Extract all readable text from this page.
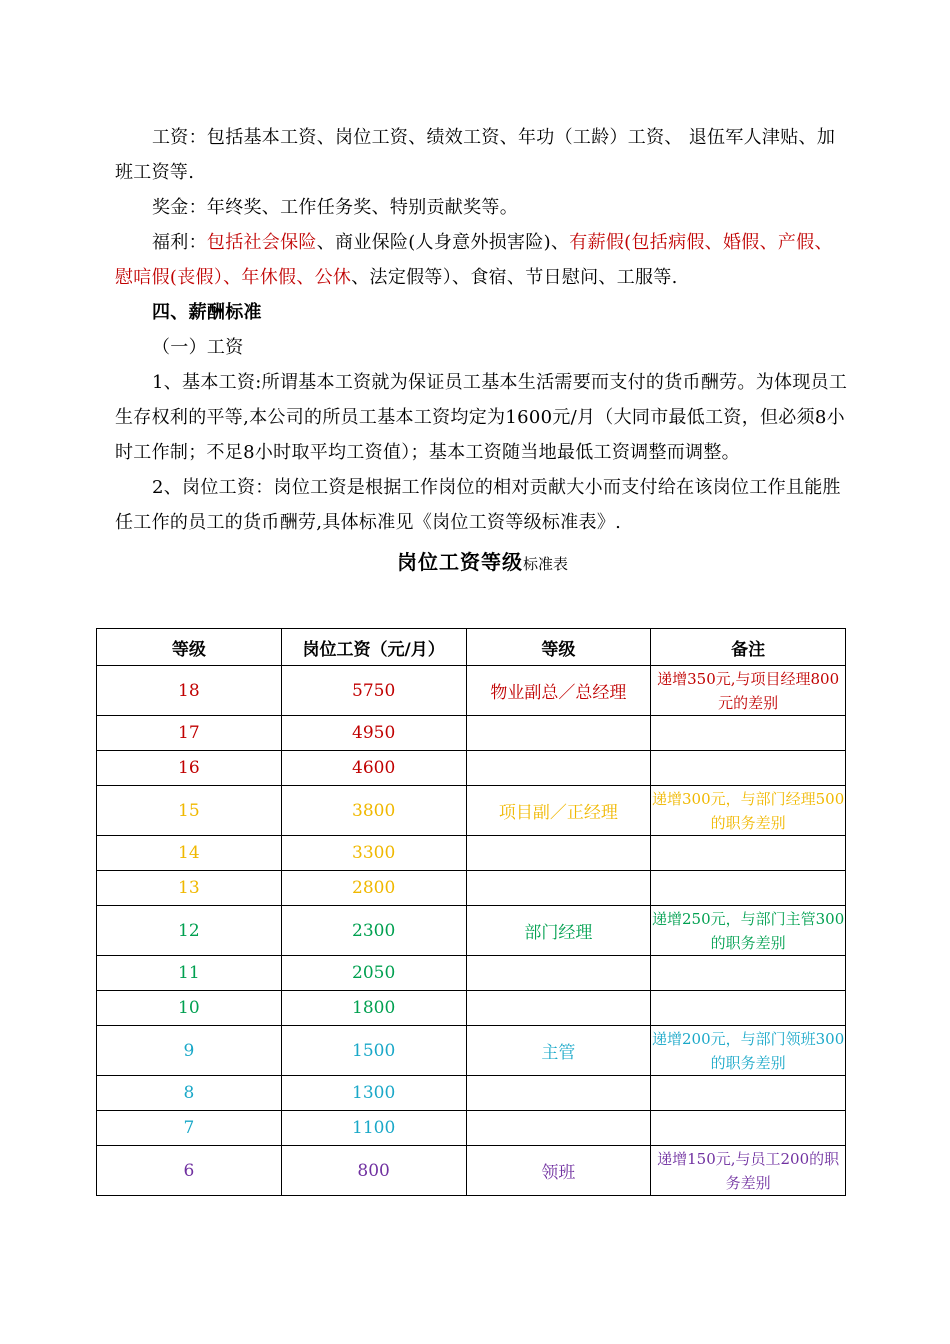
工资：包括基本工资、岗位工资、绩效工资、年功（工龄）工资、 退伍军人津贴、加班工资等.

奖金：年终奖、工作任务奖、特别贡献奖等。

福利：包括社会保险、商业保险(人身意外损害险)、有薪假(包括病假、婚假、产假、慰唁假(丧假）、年休假、公休、法定假等）、食宿、节日慰问、工服等.

四、薪酬标准

（一）工资

1、基本工资:所谓基本工资就为保证员工基本生活需要而支付的货币酬劳。为体现员工生存权利的平等,本公司的所员工基本工资均定为1600元/月（大同市最低工资，但必须8小时工作制；不足8小时取平均工资值）；基本工资随当地最低工资调整而调整。

2、岗位工资：岗位工资是根据工作岗位的相对贡献大小而支付给在该岗位工作且能胜任工作的员工的货币酬劳,具体标准见《岗位工资等级标准表》.

岗位工资等级标准表
等级	岗位工资（元/月）	等级	备注
18	5750	物业副总／总经理	递增350元,与项目经理800元的差别
17	4950		
16	4600		
15	3800	项目副／正经理	递增300元，与部门经理500的职务差别
14	3300		
13	2800		
12	2300	部门经理	递增250元，与部门主管300的职务差别
11	2050		
10	1800		
9	1500	主管	递增200元，与部门领班300的职务差别
8	1300		
7	1100		
6	800	领班	递增150元,与员工200的职务差别
